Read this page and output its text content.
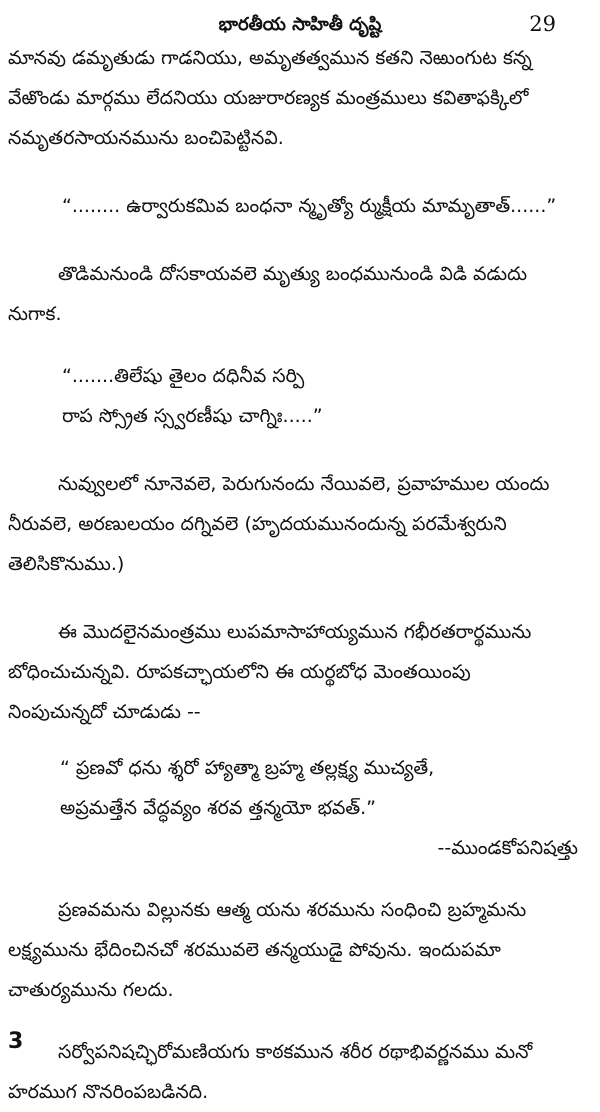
భారతీయ సాహితీ దృష్టి	29
మానవు డమృతుడు గాడనియు, అమృతత్వమున కతని నెఱుంగుట కన్న
వేఱొండు మార్గము లేదనియు యజురారణ్యక మంత్రములు కవితాఫక్కిలో
నమృతరసాయనమును బంచిపెట్టినవి.
“........ ఉర్వారుకమివ బంధనా న్మృత్యో ర్ముక్షీయ మామృతాత్......”
తొడిమనుండి దోసకాయవలె మృత్యు బంధమునుండి విడి వడుదు
నుగాక.
“.......తిలేషు తైలం దధినీవ సర్పి
రాప స్స్రోత స్స్వరణీషు చాగ్నిః.....”
నువ్వులలో నూనెవలె, పెరుగునందు నేయివలె, ప్రవాహముల యందు
నీరువలె, అరణులయం దగ్నివలె (హృదయమునందున్న పరమేశ్వరుని
తెలిసికొనుము.)
ఈ మొదలైనమంత్రము లుపమాసాహాయ్యమున గభీరతరార్థమును
బోధించుచున్నవి. రూపకచ్ఛాయలోని ఈ యర్థబోధ మెంతయింపు
నింపుచున్నదో చూడుడు --
“ ప్రణవో ధను శ్శరో హ్యాత్మా బ్రహ్మ తల్లక్ష్య ముచ్యతే,
అప్రమత్తేన వేద్ధవ్యం శరవ త్తన్మయో భవత్.”
--ముండకోపనిషత్తు
ప్రణవమను విల్లునకు ఆత్మ యను శరమును సంధించి బ్రహ్మమను
లక్ష్యమును భేదించినచో శరమువలె తన్మయుడై పోవును. ఇందుపమా
చాతుర్యమును గలదు.
సర్వోపనిషచ్ఛిరోమణియగు కాఠకమున శరీర రథాభివర్ణనము మనో
హరముగ నొనరింపబడినది.
3
